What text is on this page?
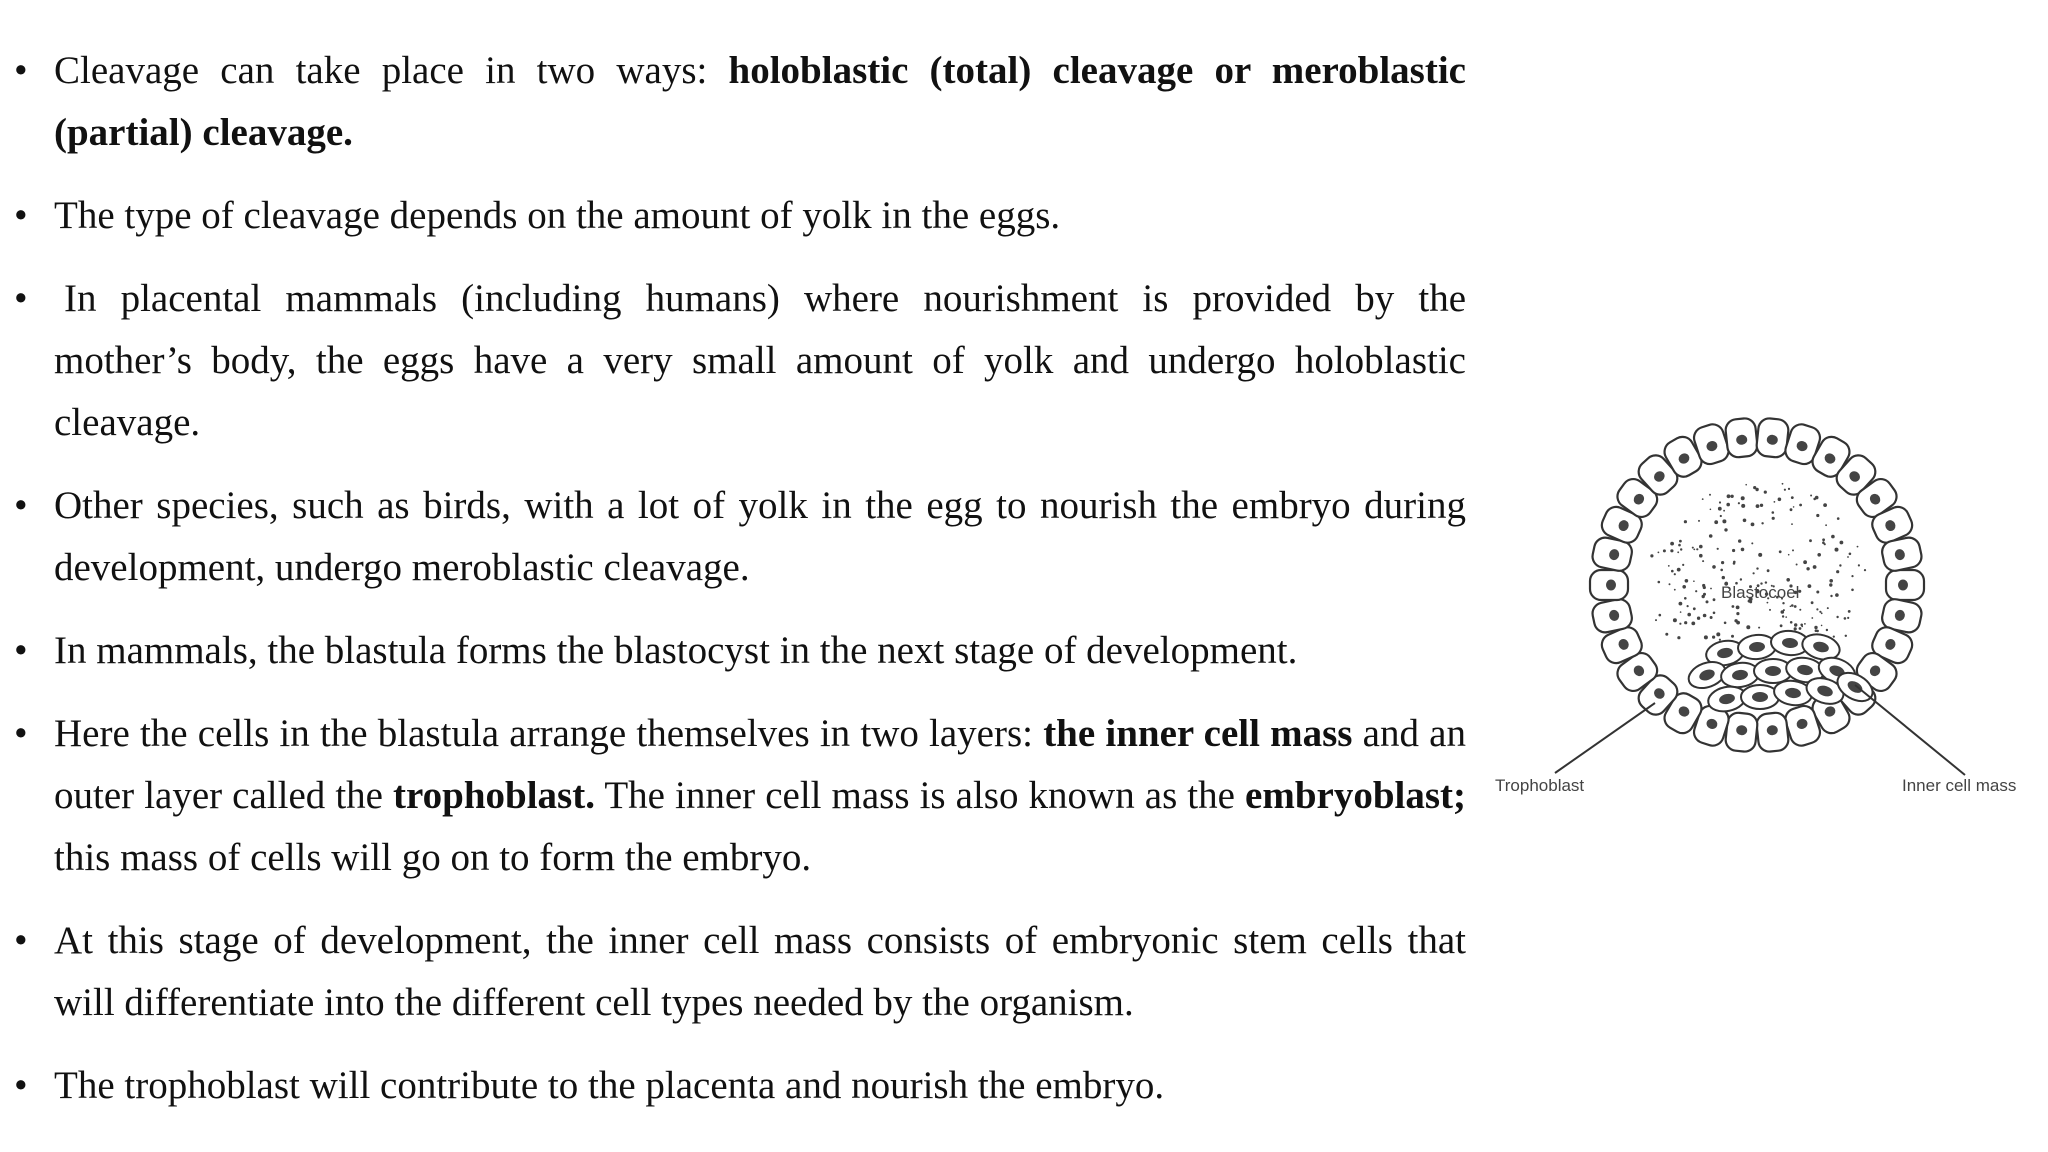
• Cleavage can take place in two ways: holoblastic (total) cleavage or meroblastic (partial) cleavage.
• The type of cleavage depends on the amount of yolk in the eggs.
• In placental mammals (including humans) where nourishment is provided by the mother’s body, the eggs have a very small amount of yolk and undergo holoblastic cleavage.
• Other species, such as birds, with a lot of yolk in the egg to nourish the embryo during development, undergo meroblastic cleavage.
• In mammals, the blastula forms the blastocyst in the next stage of development.
• Here the cells in the blastula arrange themselves in two layers: the inner cell mass and an outer layer called the trophoblast. The inner cell mass is also known as the embryoblast; this mass of cells will go on to form the embryo.
• At this stage of development, the inner cell mass consists of embryonic stem cells that will differentiate into the different cell types needed by the organism.
• The trophoblast will contribute to the placenta and nourish the embryo.
Blastocoel
Trophoblast	Inner cell mass
